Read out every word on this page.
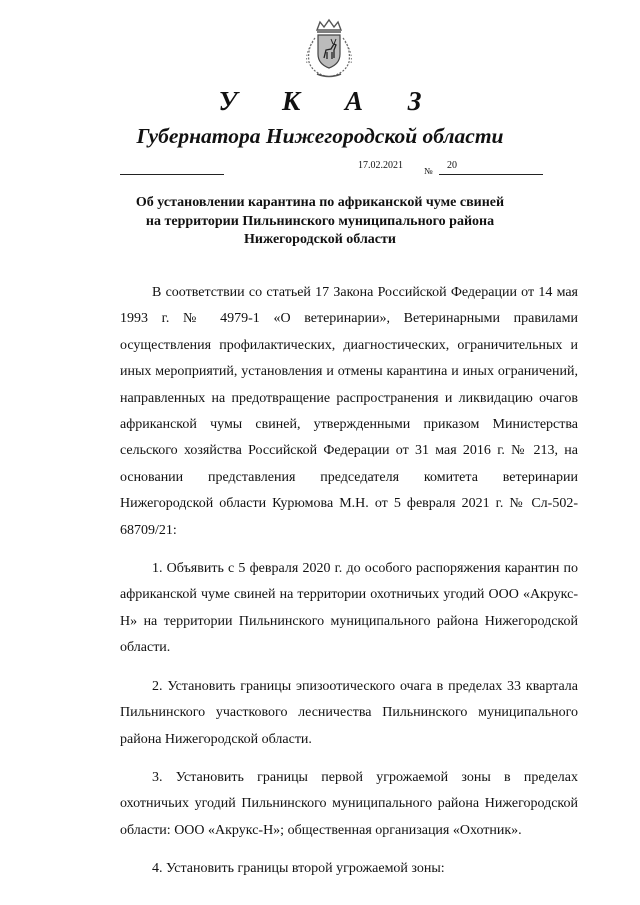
У К А З
Губернатора Нижегородской области
17.02.2021 № 20
Об установлении карантина по африканской чуме свиней
на территории Пильнинского муниципального района
Нижегородской области

В соответствии со статьей 17 Закона Российской Федерации от 14 мая 1993 г. № 4979-1 «О ветеринарии», Ветеринарными правилами осуществления профилактических, диагностических, ограничительных и иных мероприятий, установления и отмены карантина и иных ограничений, направленных на предотвращение распространения и ликвидацию очагов африканской чумы свиней, утвержденными приказом Министерства сельского хозяйства Российской Федерации от 31 мая 2016 г. № 213, на основании представления председателя комитета ветеринарии Нижегородской области Курюмова М.Н. от 5 февраля 2021 г. № Сл-502-68709/21:

1. Объявить с 5 февраля 2020 г. до особого распоряжения карантин по африканской чуме свиней на территории охотничьих угодий ООО «Акрукс-Н» на территории Пильнинского муниципального района Нижегородской области.

2. Установить границы эпизоотического очага в пределах 33 квартала Пильнинского участкового лесничества Пильнинского муниципального района Нижегородской области.

3. Установить границы первой угрожаемой зоны в пределах охотничьих угодий Пильнинского муниципального района Нижегородской области: ООО «Акрукс-Н»; общественная организация «Охотник».

4. Установить границы второй угрожаемой зоны:
